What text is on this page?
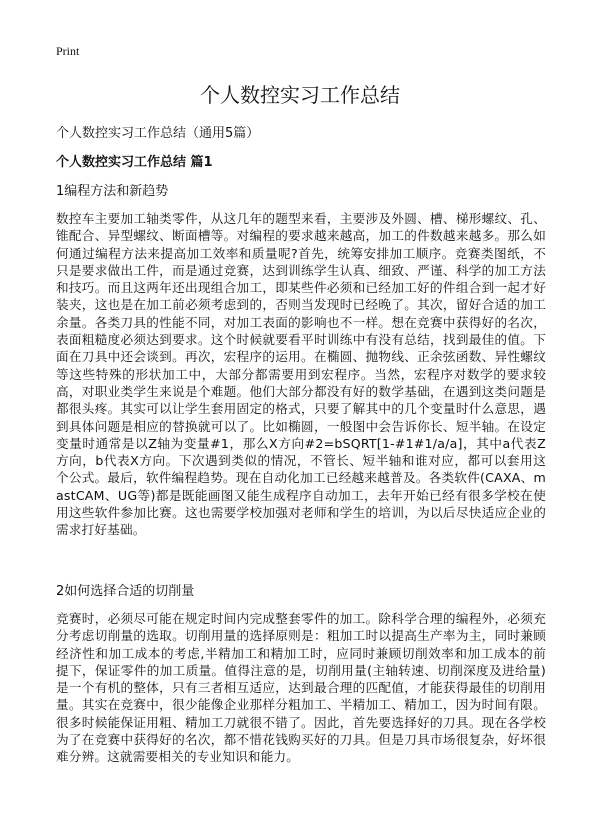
Print
个人数控实习工作总结
个人数控实习工作总结（通用5篇）
个人数控实习工作总结 篇1
1编程方法和新趋势

数控车主要加工轴类零件，从这几年的题型来看，主要涉及外圆、槽、梯形螺纹、孔、锥配合、异型螺纹、断面槽等。对编程的要求越来越高，加工的件数越来越多。那么如何通过编程方法来提高加工效率和质量呢?首先，统筹安排加工顺序。竞赛类图纸，不只是要求做出工件，而是通过竞赛，达到训练学生认真、细致、严谨、科学的加工方法和技巧。而且这两年还出现组合加工，即某些件必须和已经加工好的件组合到一起才好装夹，这也是在加工前必须考虑到的，否则当发现时已经晚了。其次，留好合适的加工余量。各类刀具的性能不同，对加工表面的影响也不一样。想在竞赛中获得好的名次，表面粗糙度必须达到要求。这个时候就要看平时训练中有没有总结，找到最佳的值。下面在刀具中还会谈到。再次，宏程序的运用。在椭圆、抛物线、正余弦函数、异性螺纹等这些特殊的形状加工中，大部分都需要用到宏程序。当然，宏程序对数学的要求较高，对职业类学生来说是个难题。他们大部分都没有好的数学基础，在遇到这类问题是都很头疼。其实可以让学生套用固定的格式，只要了解其中的几个变量时什么意思，遇到具体问题是相应的替换就可以了。比如椭圆，一般图中会告诉你长、短半轴。在设定变量时通常是以Z轴为变量#1，那么X方向#2=bSQRT[1-#1#1/a/a]，其中a代表Z方向，b代表X方向。下次遇到类似的情况，不管长、短半轴和谁对应，都可以套用这个公式。最后，软件编程趋势。现在自动化加工已经越来越普及。各类软件(CAXA、mastCAM、UG等)都是既能画图又能生成程序自动加工，去年开始已经有很多学校在使用这些软件参加比赛。这也需要学校加强对老师和学生的培训，为以后尽快适应企业的需求打好基础。

2如何选择合适的切削量

竞赛时，必须尽可能在规定时间内完成整套零件的加工。除科学合理的编程外，必须充分考虑切削量的选取。切削用量的选择原则是：粗加工时以提高生产率为主，同时兼顾经济性和加工成本的考虑,半精加工和精加工时，应同时兼顾切削效率和加工成本的前提下，保证零件的加工质量。值得注意的是，切削用量(主轴转速、切削深度及进给量)是一个有机的整体，只有三者相互适应，达到最合理的匹配值，才能获得最佳的切削用量。其实在竞赛中，很少能像企业那样分粗加工、半精加工、精加工，因为时间有限。很多时候能保证用粗、精加工刀就很不错了。因此，首先要选择好的刀具。现在各学校为了在竞赛中获得好的名次，都不惜花钱购买好的刀具。但是刀具市场很复杂，好坏很难分辨。这就需要相关的专业知识和能力。
